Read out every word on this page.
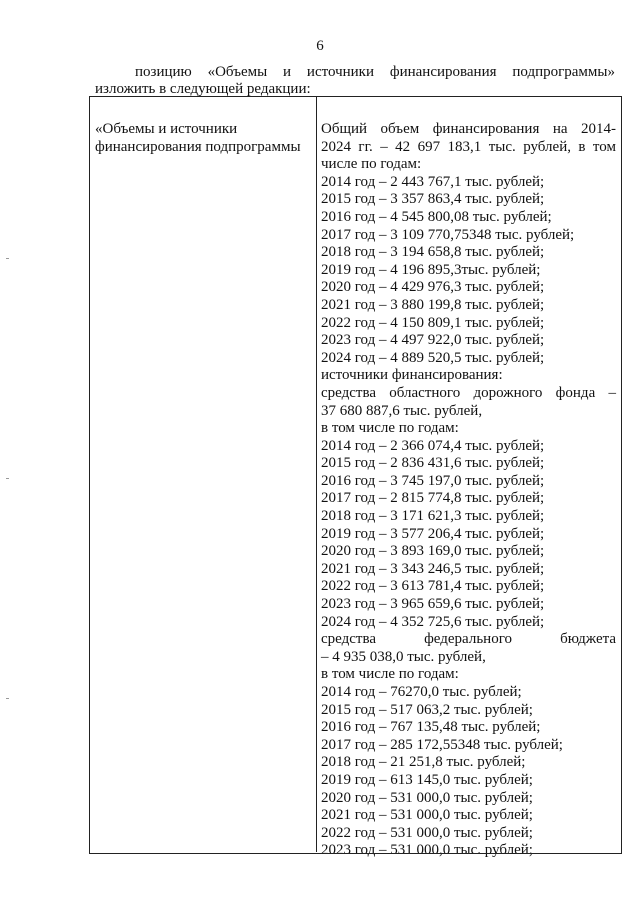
6
позицию «Объемы и источники финансирования подпрограммы»
изложить в следующей редакции:
«Объемы и источники
финансирования подпрограммы
Общий объем финансирования на 2014-
2024 гг. – 42 697 183,1 тыс. рублей, в том
числе по годам:
2014 год – 2 443 767,1 тыс. рублей;
2015 год – 3 357 863,4 тыс. рублей;
2016 год – 4 545 800,08 тыс. рублей;
2017 год – 3 109 770,75348 тыс. рублей;
2018 год – 3 194 658,8 тыс. рублей;
2019 год – 4 196 895,3тыс. рублей;
2020 год – 4 429 976,3 тыс. рублей;
2021 год – 3 880 199,8 тыс. рублей;
2022 год – 4 150 809,1 тыс. рублей;
2023 год – 4 497 922,0 тыс. рублей;
2024 год – 4 889 520,5 тыс. рублей;
источники финансирования:
средства областного дорожного фонда –
37 680 887,6 тыс. рублей,
в том числе по годам:
2014 год – 2 366 074,4 тыс. рублей;
2015 год – 2 836 431,6 тыс. рублей;
2016 год – 3 745 197,0 тыс. рублей;
2017 год – 2 815 774,8 тыс. рублей;
2018 год – 3 171 621,3 тыс. рублей;
2019 год – 3 577 206,4 тыс. рублей;
2020 год – 3 893 169,0 тыс. рублей;
2021 год – 3 343 246,5 тыс. рублей;
2022 год – 3 613 781,4 тыс. рублей;
2023 год – 3 965 659,6 тыс. рублей;
2024 год – 4 352 725,6 тыс. рублей;
средства федерального бюджета
– 4 935 038,0 тыс. рублей,
в том числе по годам:
2014 год – 76270,0 тыс. рублей;
2015 год – 517 063,2 тыс. рублей;
2016 год – 767 135,48 тыс. рублей;
2017 год – 285 172,55348 тыс. рублей;
2018 год – 21 251,8 тыс. рублей;
2019 год – 613 145,0 тыс. рублей;
2020 год – 531 000,0 тыс. рублей;
2021 год – 531 000,0 тыс. рублей;
2022 год – 531 000,0 тыс. рублей;
2023 год – 531 000,0 тыс. рублей;
